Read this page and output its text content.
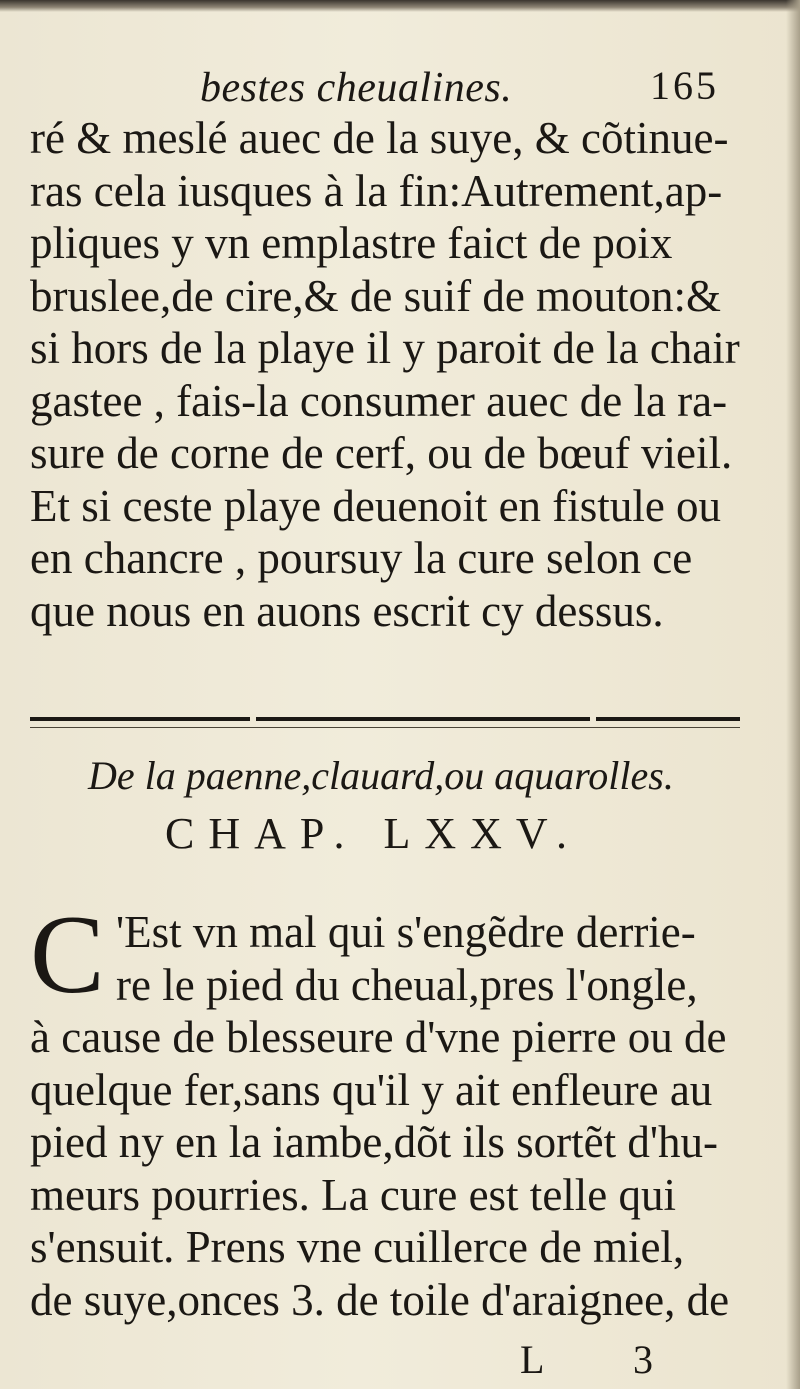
bestes cheualines.	165
ré & meslé auec de la suye, & cõtinue-
ras cela iusques à la fin:Autrement,ap-
pliques y vn emplastre faict de poix
bruslee,de cire,& de suif de mouton:&
si hors de la playe il y paroit de la chair
gastee , fais-la consumer auec de la ra-
sure de corne de cerf, ou de bœuf vieil.
Et si ceste playe deuenoit en fistule ou
en chancre , poursuy la cure selon ce
que nous en auons escrit cy dessus.
De la paenne,clauard,ou aquarolles.
CHAP. LXXV.
C 'Est vn mal qui s'engẽdre derrie-
re le pied du cheual,pres l'ongle,
à cause de blesseure d'vne pierre ou de
quelque fer,sans qu'il y ait enfleure au
pied ny en la iambe,dõt ils sortẽt d'hu-
meurs pourries. La cure est telle qui
s'ensuit. Prens vne cuillerce de miel,
de suye,onces 3. de toile d'araignee, de
L 3
